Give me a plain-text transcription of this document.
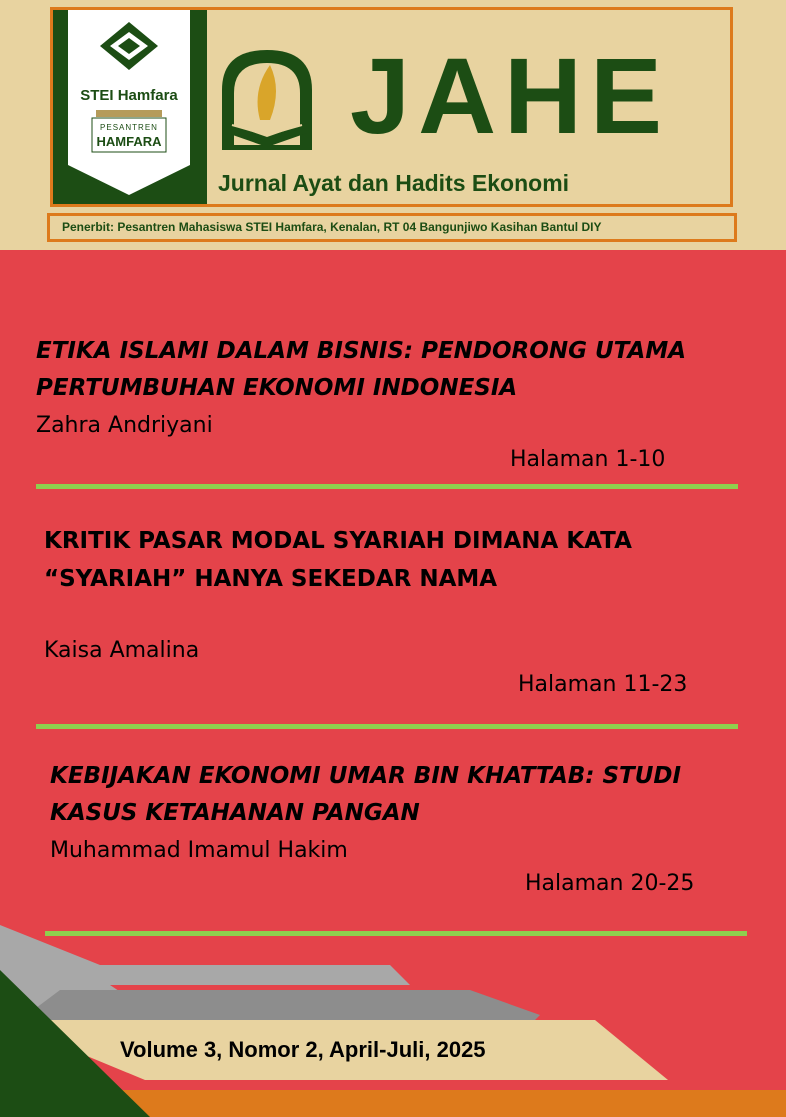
STEI Hamfara
PESANTREN
HAMFARA JAHE
Jurnal Ayat dan Hadits Ekonomi
Penerbit: Pesantren Mahasiswa STEI Hamfara, Kenalan, RT 04 Bangunjiwo Kasihan Bantul DIY
ETIKA ISLAMI DALAM BISNIS: PENDORONG UTAMA
PERTUMBUHAN EKONOMI INDONESIA
Zahra Andriyani
Halaman 1-10
KRITIK PASAR MODAL SYARIAH DIMANA KATA
“SYARIAH” HANYA SEKEDAR NAMA
Kaisa Amalina
Halaman 11-23
KEBIJAKAN EKONOMI UMAR BIN KHATTAB: STUDI
KASUS KETAHANAN PANGAN
Muhammad Imamul Hakim
Halaman 20-25
Volume 3, Nomor 2, April-Juli, 2025
